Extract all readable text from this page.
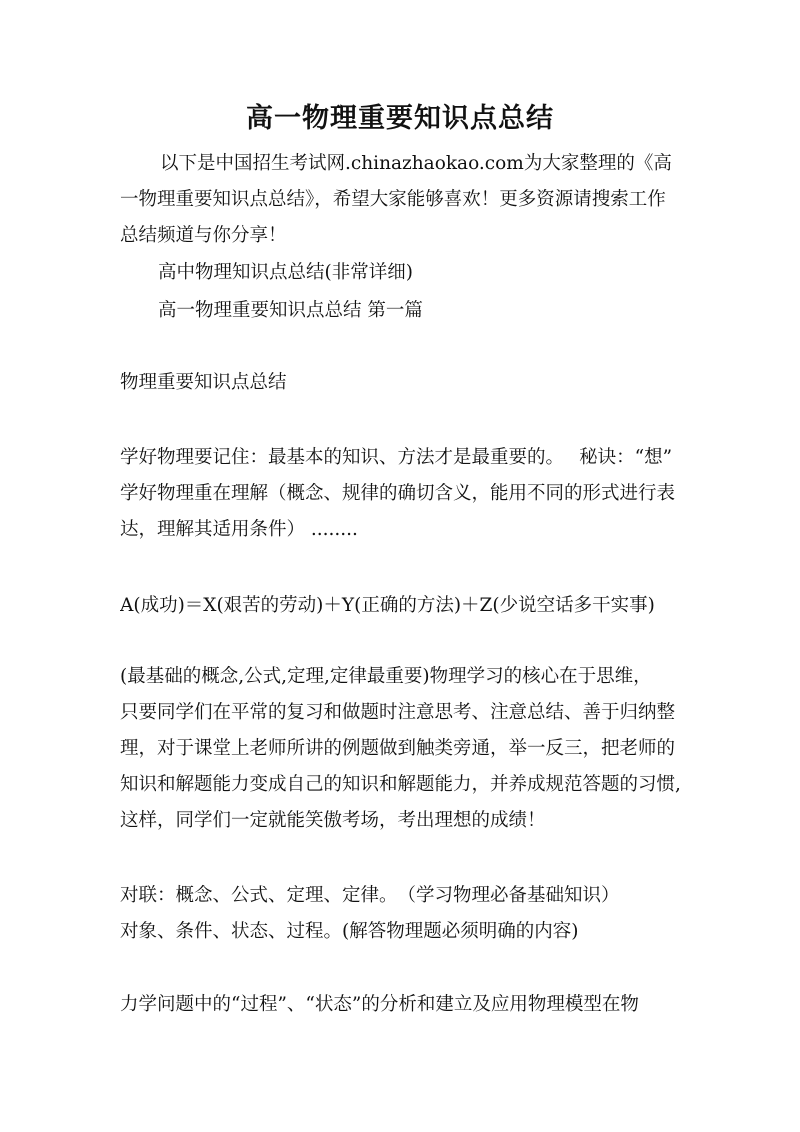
高一物理重要知识点总结
以下是中国招生考试网.chinazhaokao.com为大家整理的《高
一物理重要知识点总结》，希望大家能够喜欢！更多资源请搜索工作
总结频道与你分享！
高中物理知识点总结(非常详细)
高一物理重要知识点总结 第一篇
物理重要知识点总结
学好物理要记住：最基本的知识、方法才是最重要的。　 秘诀：“想”
学好物理重在理解（概念、规律的确切含义，能用不同的形式进行表
达，理解其适用条件） ........
A(成功)＝X(艰苦的劳动)＋Y(正确的方法)＋Z(少说空话多干实事)
(最基础的概念,公式,定理,定律最重要)物理学习的核心在于思维，
只要同学们在平常的复习和做题时注意思考、注意总结、善于归纳整
理，对于课堂上老师所讲的例题做到触类旁通，举一反三，把老师的
知识和解题能力变成自己的知识和解题能力，并养成规范答题的习惯,
这样，同学们一定就能笑傲考场，考出理想的成绩！
对联：概念、公式、定理、定律。　（学习物理必备基础知识）
对象、条件、状态、过程。(解答物理题必须明确的内容)
力学问题中的“过程”、“状态”的分析和建立及应用物理模型在物
